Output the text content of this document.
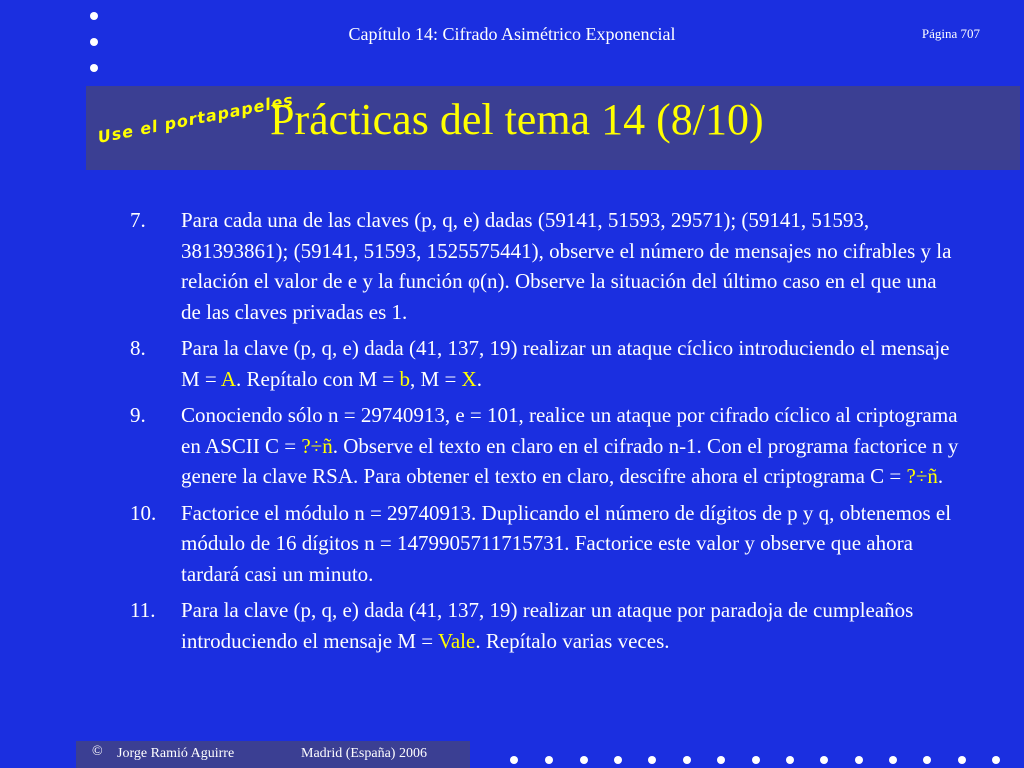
Capítulo 14: Cifrado Asimétrico Exponencial	Página 707
Use el portapapeles
Prácticas del tema 14 (8/10)
7. Para cada una de las claves (p, q, e) dadas (59141, 51593, 29571); (59141, 51593, 381393861); (59141, 51593, 1525575441), observe el número de mensajes no cifrables y la relación el valor de e y la función φ(n). Observe la situación del último caso en el que una de las claves privadas es 1.
8. Para la clave (p, q, e) dada (41, 137, 19) realizar un ataque cíclico introduciendo el mensaje M = A. Repítalo con M = b, M = X.
9. Conociendo sólo n = 29740913, e = 101, realice un ataque por cifrado cíclico al criptograma en ASCII C = ?÷ñ. Observe el texto en claro en el cifrado n-1. Con el programa factorice n y genere la clave RSA. Para obtener el texto en claro, descifre ahora el criptograma C = ?÷ñ.
10. Factorice el módulo n = 29740913. Duplicando el número de dígitos de p y q, obtenemos el módulo de 16 dígitos n = 1479905711715731. Factorice este valor y observe que ahora tardará casi un minuto.
11. Para la clave (p, q, e) dada (41, 137, 19) realizar un ataque por paradoja de cumpleaños introduciendo el mensaje M = Vale. Repítalo varias veces.
© Jorge Ramió Aguirre	Madrid (España) 2006
